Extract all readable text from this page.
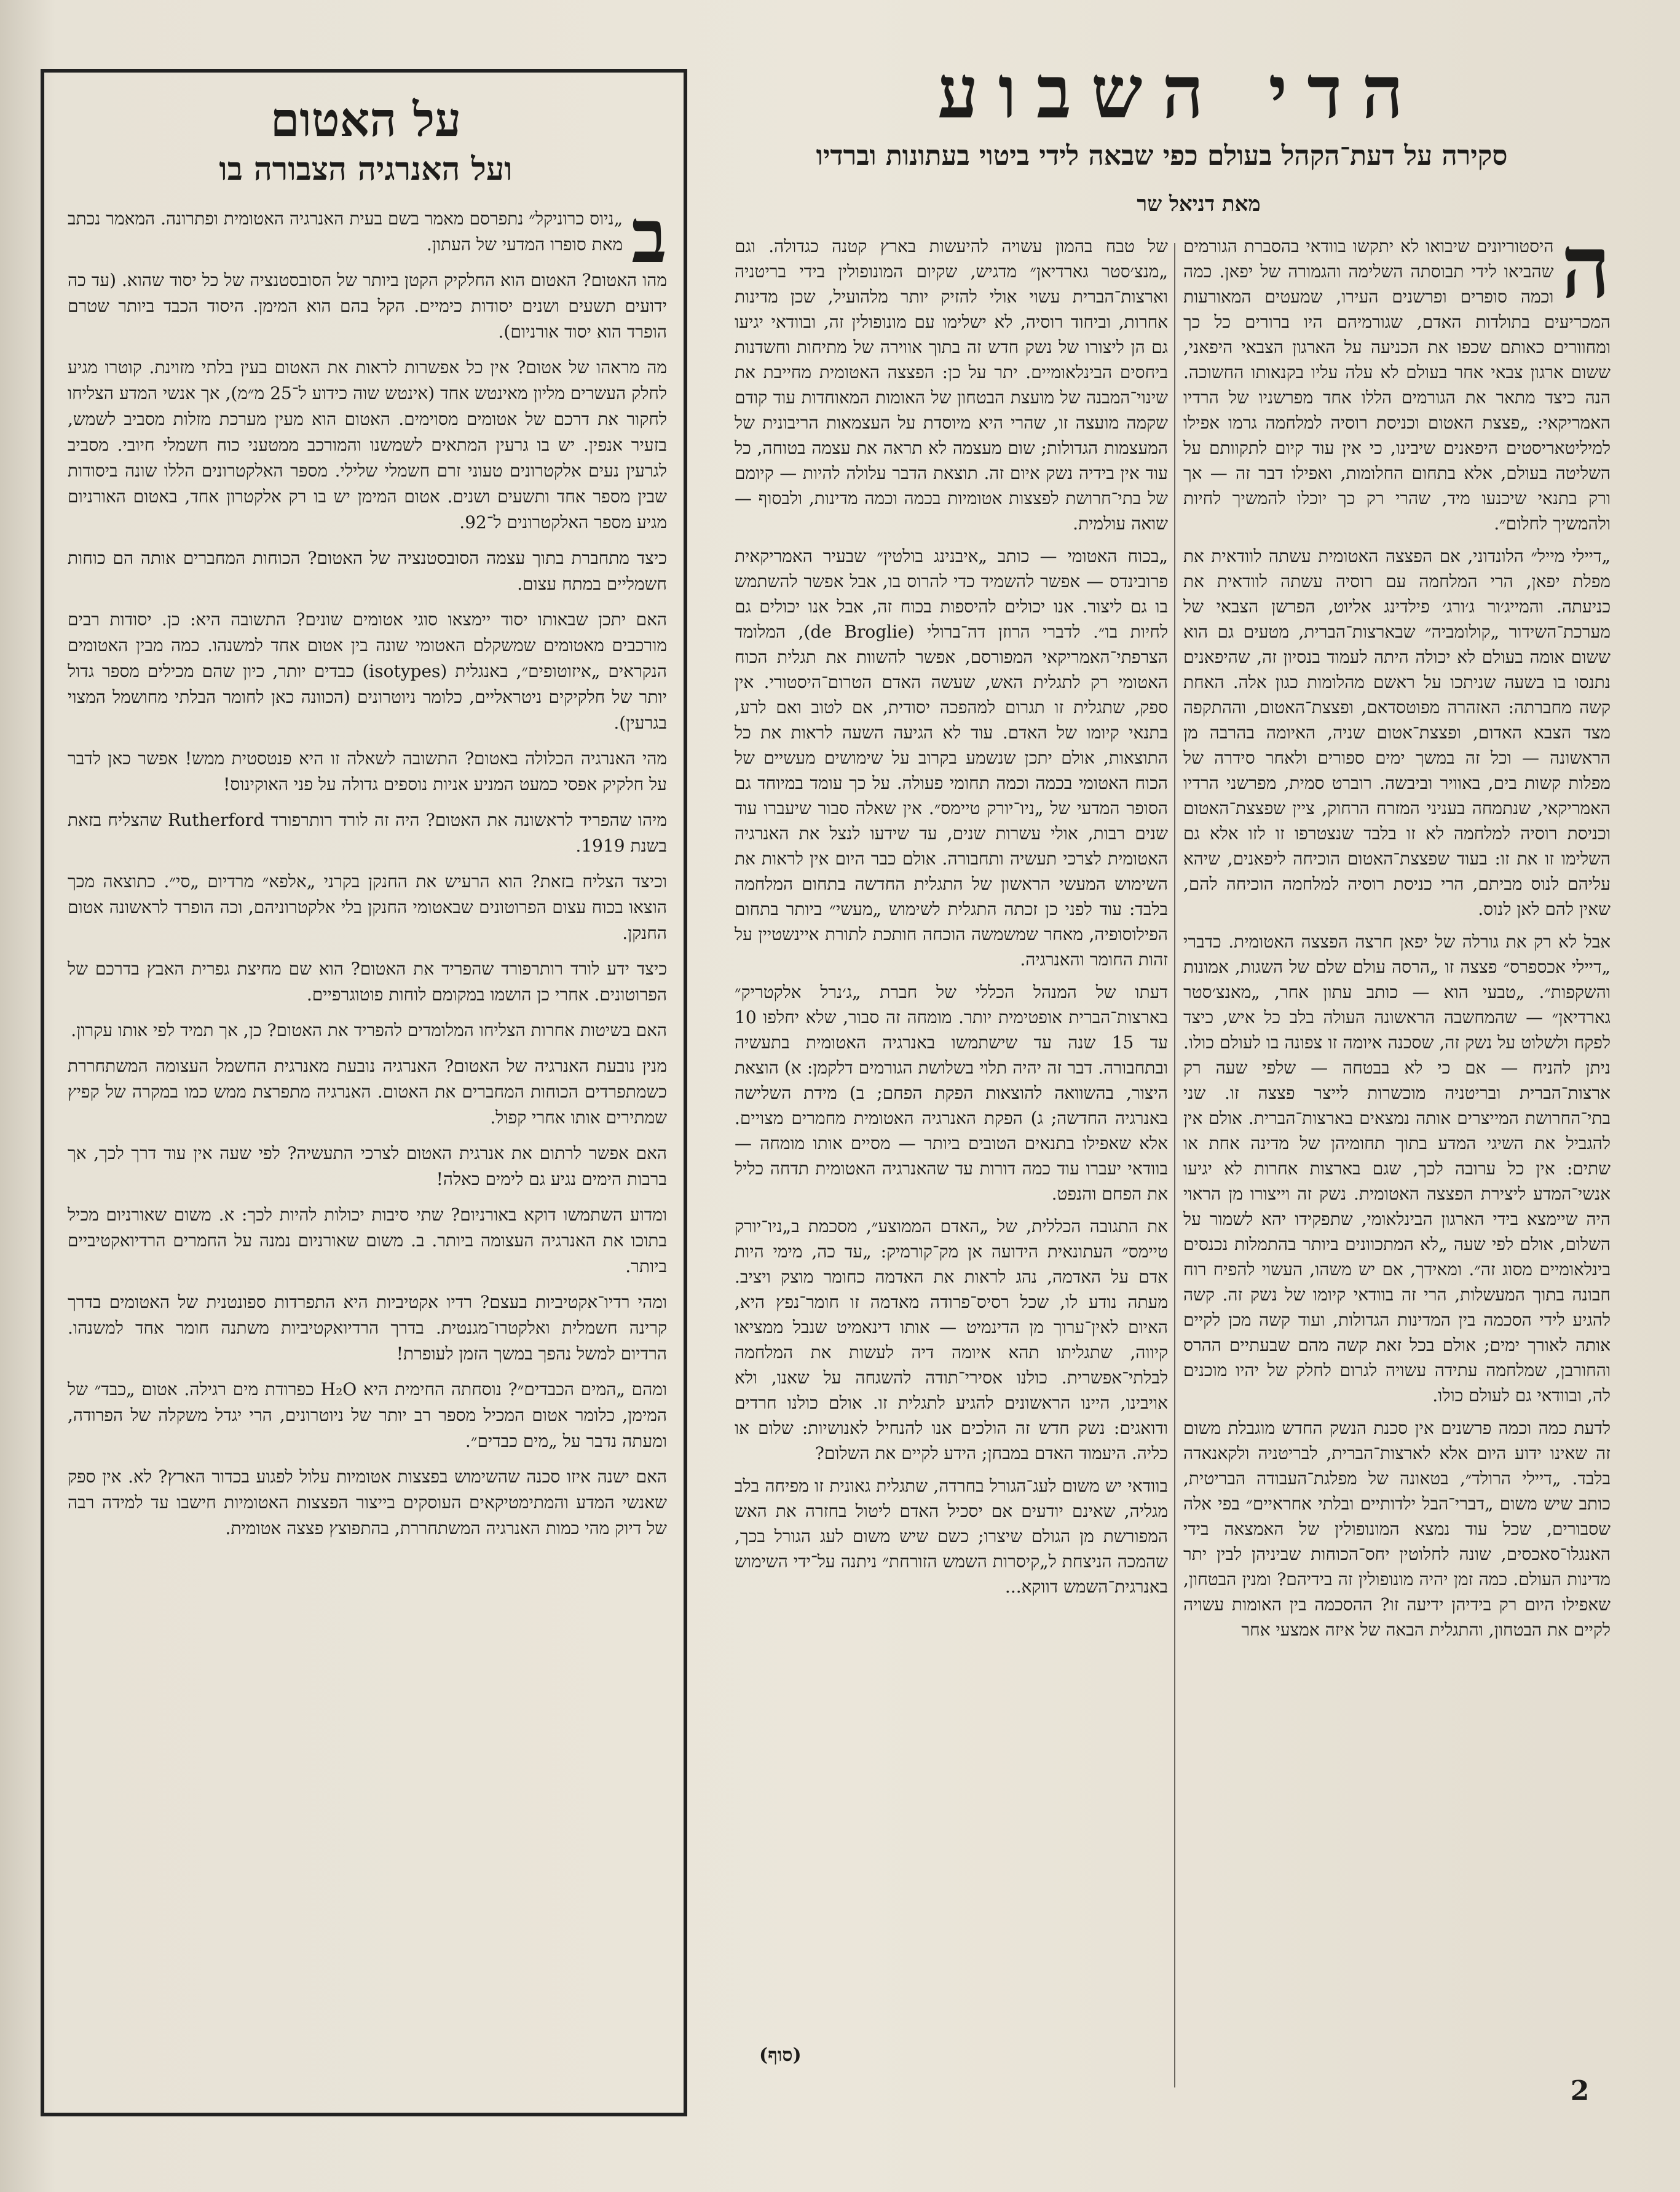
הדי השבוע
סקירה על דעת־הקהל בעולם כפי שבאה לידי ביטוי בעתונות וברדיו
מאת דניאל שר
ה

היסטוריונים שיבואו לא יתקשו בוודאי בהסברת הגורמים שהביאו לידי תבוסתה השלימה והגמורה של יפאן. כמה וכמה סופרים ופרשנים העירו, שמעטים המאורעות המכריעים בתולדות האדם, שגורמיהם היו ברורים כל כך ומחוורים כאותם שכפו את הכניעה על הארגון הצבאי היפאני, ששום ארגון צבאי אחר בעולם לא עלה עליו בקנאותו החשוכה. הנה כיצד מתאר את הגורמים הללו אחד מפרשניו של הרדיו האמריקאי: „פצצת האטום וכניסת רוסיה למלחמה גרמו אפילו למיליטאריסטים היפאנים שיבינו, כי אין עוד קיום לתקוותם על השליטה בעולם, אלא בתחום החלומות, ואפילו דבר זה — אך ורק בתנאי שיכנעו מיד, שהרי רק כך יוכלו להמשיך לחיות ולהמשיך לחלום״.

„דיילי מייל״ הלונדוני, אם הפצצה האטומית עשתה לוודאית את מפלת יפאן, הרי המלחמה עם רוסיה עשתה לוודאית את כניעתה. והמייג׳ור ג׳ורג׳ פילדינג אליוט, הפרשן הצבאי של מערכת־השידור „קולומביה״ שבארצות־הברית, מטעים גם הוא ששום אומה בעולם לא יכולה היתה לעמוד בנסיון זה, שהיפאנים נתנסו בו בשעה שניתכו על ראשם מהלומות כגון אלה. האחת קשה מחברתה: האזהרה מפוטסדאם, ופצצת־האטום, וההתקפה מצד הצבא האדום, ופצצת־אטום שניה, האיומה בהרבה מן הראשונה — וכל זה במשך ימים ספורים ולאחר סידרה של מפלות קשות בים, באוויר וביבשה. רוברט סמית, מפרשני הרדיו האמריקאי, שנתמחה בעניני המזרח הרחוק, ציין שפצצת־האטום וכניסת רוסיה למלחמה לא זו בלבד שנצטרפו זו לזו אלא גם השלימו זו את זו: בעוד שפצצת־האטום הוכיחה ליפאנים, שיהא עליהם לנוס מביתם, הרי כניסת רוסיה למלחמה הוכיחה להם, שאין להם לאן לנוס.

אבל לא רק את גורלה של יפאן חרצה הפצצה האטומית. כדברי „דיילי אכספרס״ פצצה זו „הרסה עולם שלם של השגות, אמונות והשקפות״. „טבעי הוא — כותב עתון אחר, „מאנצ׳סטר גארדיאן״ — שהמחשבה הראשונה העולה בלב כל איש, כיצד לפקח ולשלוט על נשק זה, שסכנה איומה זו צפונה בו לעולם כולו. ניתן להניח — אם כי לא בבטחה — שלפי שעה רק ארצות־הברית ובריטניה מוכשרות לייצר פצצה זו. שני בתי־החרושת המייצרים אותה נמצאים בארצות־הברית. אולם אין להגביל את השיגי המדע בתוך תחומיהן של מדינה אחת או שתים: אין כל ערובה לכך, שגם בארצות אחרות לא יגיעו אנשי־המדע ליצירת הפצצה האטומית. נשק זה וייצורו מן הראוי היה שיימצא בידי הארגון הבינלאומי, שתפקידו יהא לשמור על השלום, אולם לפי שעה „לא המתכוונים ביותר בהתמלות נכנסים בינלאומיים מסוג זה״. ומאידך, אם יש משהו, העשוי להפיח רוח חבונה בתוך המעשלות, הרי זה בוודאי קיומו של נשק זה. קשה להגיע לידי הסכמה בין המדינות הגדולות, ועוד קשה מכן לקיים אותה לאורך ימים; אולם בכל זאת קשה מהם שבעתיים ההרס והחורבן, שמלחמה עתידה עשויה לגרום לחלק של יהיו מוכנים לה, ובוודאי גם לעולם כולו.

לדעת כמה וכמה פרשנים אין סכנת הנשק החדש מוגבלת משום זה שאינו ידוע היום אלא לארצות־הברית, לבריטניה ולקאנאדה בלבד. „דיילי הרולד״, בטאונה של מפלגת־העבודה הבריטית, כותב שיש משום „דברי־הבל ילדותיים ובלתי אחראיים״ בפי אלה שסבורים, שכל עוד נמצא המונופולין של האמצאה בידי האנגלו־סאכסים, שונה לחלוטין יחס־הכוחות שביניהן לבין יתר מדינות העולם. כמה זמן יהיה מונופולין זה בידיהם? ומנין הבטחון, שאפילו היום רק בידיהן ידיעה זו? ההסכמה בין האומות עשויה לקיים את הבטחון, והתגלית הבאה של איזה אמצעי אחר

של טבח בהמון עשויה להיעשות בארץ קטנה כגדולה. וגם „מנצ׳סטר גארדיאן״ מדגיש, שקיום המונופולין בידי בריטניה וארצות־הברית עשוי אולי להזיק יותר מלהועיל, שכן מדינות אחרות, וביחוד רוסיה, לא ישלימו עם מונופולין זה, ובוודאי יגיעו גם הן ליצורו של נשק חדש זה בתוך אווירה של מתיחות וחשדנות ביחסים הבינלאומיים. יתר על כן: הפצצה האטומית מחייבת את שינוי־המבנה של מועצת הבטחון של האומות המאוחדות עוד קודם שקמה מועצה זו, שהרי היא מיוסדת על העצמאות הריבונית של המעצמות הגדולות; שום מעצמה לא תראה את עצמה בטוחה, כל עוד אין בידיה נשק איום זה. תוצאת הדבר עלולה להיות — קיומם של בתי־חרושת לפצצות אטומיות בכמה וכמה מדינות, ולבסוף — שואה עולמית.

„בכוח האטומי — כותב „איבנינג בולטין״ שבעיר האמריקאית פרובינדס — אפשר להשמיד כדי להרוס בו, אבל אפשר להשתמש בו גם ליצור. אנו יכולים להיספות בכוח זה, אבל אנו יכולים גם לחיות בו״. לדברי הרוזן דה־ברולי (de Broglie), המלומד הצרפתי־האמריקאי המפורסם, אפשר להשוות את תגלית הכוח האטומי רק לתגלית האש, שעשה האדם הטרום־היסטורי. אין ספק, שתגלית זו תגרום למהפכה יסודית, אם לטוב ואם לרע, בתנאי קיומו של האדם. עוד לא הגיעה השעה לראות את כל התוצאות, אולם יתכן שנשמע בקרוב על שימושים מעשיים של הכוח האטומי בכמה וכמה תחומי פעולה. על כך עומד במיוחד גם הסופר המדעי של „ניו־יורק טיימס״. אין שאלה סבור שיעברו עוד שנים רבות, אולי עשרות שנים, עד שידעו לנצל את האנרגיה האטומית לצרכי תעשיה ותחבורה. אולם כבר היום אין לראות את השימוש המעשי הראשון של התגלית החדשה בתחום המלחמה בלבד: עוד לפני כן זכתה התגלית לשימוש „מעשי״ ביותר בתחום הפילוסופיה, מאחר שמשמשה הוכחה חותכת לתורת איינשטיין על זהות החומר והאנרגיה.

דעתו של המנהל הכללי של חברת „ג׳נרל אלקטריק״ בארצות־הברית אופטימית יותר. מומחה זה סבור, שלא יחלפו 10 עד 15 שנה עד שישתמשו באנרגיה האטומית בתעשיה ובתחבורה. דבר זה יהיה תלוי בשלושת הגורמים דלקמן: א) הוצאת היצור, בהשוואה להוצאות הפקת הפחם; ב) מידת השלישה באנרגיה החדשה; ג) הפקת האנרגיה האטומית מחמרים מצויים. אלא שאפילו בתנאים הטובים ביותר — מסיים אותו מומחה — בוודאי יעברו עוד כמה דורות עד שהאנרגיה האטומית תדחה כליל את הפחם והנפט.

את התגובה הכללית, של „האדם הממוצע״, מסכמת ב„ניו־יורק טיימס״ העתונאית הידועה אן מק־קורמיק: „עד כה, מימי היות אדם על האדמה, נהג לראות את האדמה כחומר מוצק ויציב. מעתה נודע לו, שכל רסיס־פרודה מאדמה זו חומר־נפץ היא, האיום לאין־ערוך מן הדינמיט — אותו דינאמיט שנבל ממציאו קיווה, שתגליתו תהא איומה דיה לעשות את המלחמה לבלתי־אפשרית. כולנו אסירי־תודה להשגחה על שאנו, ולא אויבינו, היינו הראשונים להגיע לתגלית זו. אולם כולנו חרדים ודואגים: נשק חדש זה הולכים אנו להנחיל לאנושיות: שלום או כליה. היעמוד האדם במבחן; הידע לקיים את השלום?

בוודאי יש משום לעג־הגורל בחרדה, שתגלית גאונית זו מפיחה בלב מגליה, שאינם יודעים אם יסכיל האדם ליטול בחזרה את האש המפורשת מן הגולם שיצרו; כשם שיש משום לעג הגורל בכך, שהמכה הניצחת ל„קיסרות השמש הזורחת״ ניתנה על־ידי השימוש באנרגית־השמש דווקא...

(סוף)
על האטום
ועל האנרגיה הצבורה בו
ב

„ניוס כרוניקל״ נתפרסם מאמר בשם בעית האנרגיה האטומית ופתרונה. המאמר נכתב מאת סופרו המדעי של העתון.

מהו האטום? האטום הוא החלקיק הקטן ביותר של הסובסטנציה של כל יסוד שהוא. (עד כה ידועים תשעים ושנים יסודות כימיים. הקל בהם הוא המימן. היסוד הכבד ביותר שטרם הופרד הוא יסוד אורניום).

מה מראהו של אטום? אין כל אפשרות לראות את האטום בעין בלתי מזוינת. קוטרו מגיע לחלק העשרים מליון מאינטש אחד (אינטש שוה כידוע ל־25 מ״מ), אך אנשי המדע הצליחו לחקור את דרכם של אטומים מסוימים. האטום הוא מעין מערכת מזלות מסביב לשמש, בזעיר אנפין. יש בו גרעין המתאים לשמשנו והמורכב ממטעני כוח חשמלי חיובי. מסביב לגרעין נעים אלקטרונים טעוני זרם חשמלי שלילי. מספר האלקטרונים הללו שונה ביסודות שבין מספר אחד ותשעים ושנים. אטום המימן יש בו רק אלקטרון אחד, באטום האורניום מגיע מספר האלקטרונים ל־92.

כיצד מתחברת בתוך עצמה הסובסטנציה של האטום? הכוחות המחברים אותה הם כוחות חשמליים במתח עצום.

האם יתכן שבאותו יסוד יימצאו סוגי אטומים שונים? התשובה היא: כן. יסודות רבים מורכבים מאטומים שמשקלם האטומי שונה בין אטום אחד למשנהו. כמה מבין האטומים הנקראים „איזוטופים״, באנגלית (isotypes) כבדים יותר, כיון שהם מכילים מספר גדול יותר של חלקיקים ניטראליים, כלומר ניוטרונים (הכוונה כאן לחומר הבלתי מחושמל המצוי בגרעין).

מהי האנרגיה הכלולה באטום? התשובה לשאלה זו היא פנטסטית ממש! אפשר כאן לדבר על חלקיק אפסי כמעט המניע אניות נוספים גדולה על פני האוקינוס!

מיהו שהפריד לראשונה את האטום? היה זה לורד רותרפורד Rutherford שהצליח בזאת בשנת 1919.

וכיצד הצליח בזאת? הוא הרעיש את החנקן בקרני „אלפא״ מרדיום „סי״. כתוצאה מכך הוצאו בכוח עצום הפרוטונים שבאטומי החנקן בלי אלקטרוניהם, וכה הופרד לראשונה אטום החנקן.

כיצד ידע לורד רותרפורד שהפריד את האטום? הוא שם מחיצת גפרית האבץ בדרכם של הפרוטונים. אחרי כן הושמו במקומם לוחות פוטוגרפיים.

האם בשיטות אחרות הצליחו המלומדים להפריד את האטום? כן, אך תמיד לפי אותו עקרון.

מנין נובעת האנרגיה של האטום? האנרגיה נובעת מאנרגית החשמל העצומה המשתחררת כשמתפרדים הכוחות המחברים את האטום. האנרגיה מתפרצת ממש כמו במקרה של קפיץ שמתירים אותו אחרי קפול.

האם אפשר לרתום את אנרגית האטום לצרכי התעשיה? לפי שעה אין עוד דרך לכך, אך ברבות הימים נגיע גם לימים כאלה!

ומדוע השתמשו דוקא באורניום? שתי סיבות יכולות להיות לכך: א. משום שאורניום מכיל בתוכו את האנרגיה העצומה ביותר. ב. משום שאורניום נמנה על החמרים הרדיואקטיביים ביותר.

ומהי רדיו־אקטיביות בעצם? רדיו אקטיביות היא התפרדות ספונטנית של האטומים בדרך קרינה חשמלית ואלקטרו־מגנטית. בדרך הרדיואקטיביות משתנה חומר אחד למשנהו. הרדיום למשל נהפך במשך הזמן לעופרת!

ומהם „המים הכבדים״? נוסחתה החימית היא H₂O כפרודת מים רגילה. אטום „כבד״ של המימן, כלומר אטום המכיל מספר רב יותר של ניוטרונים, הרי יגדל משקלה של הפרודה, ומעתה נדבר על „מים כבדים״.

האם ישנה איזו סכנה שהשימוש בפצצות אטומיות עלול לפגוע בכדור הארץ? לא. אין ספק שאנשי המדע והמתימטיקאים העוסקים בייצור הפצצות האטומיות חישבו עד למידה רבה של דיוק מהי כמות האנרגיה המשתחררת, בהתפוצץ פצצה אטומית.

2
